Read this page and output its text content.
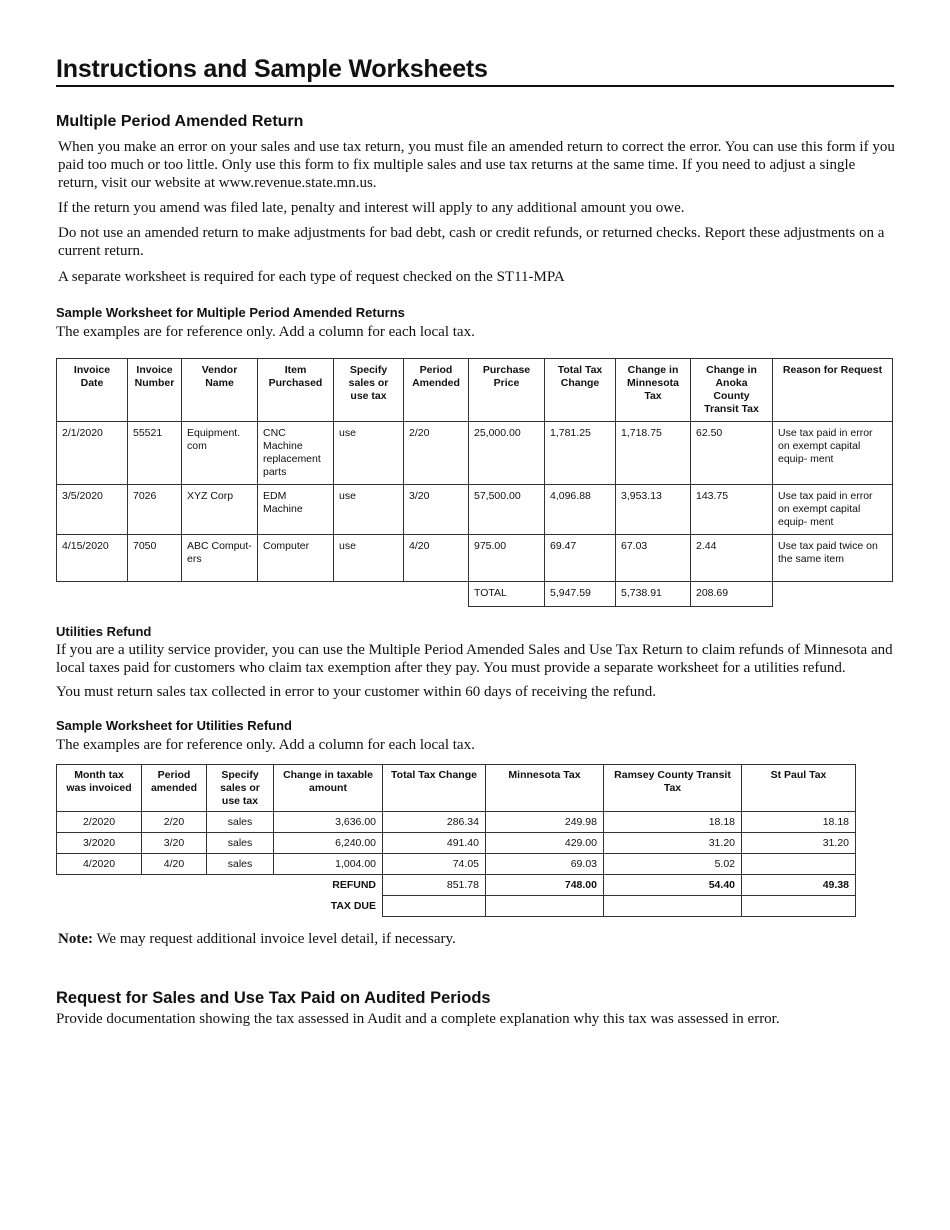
Instructions and Sample Worksheets
Multiple Period Amended Return

When you make an error on your sales and use tax return, you must file an amended return to correct the error. You can use this form if you paid too much or too little. Only use this form to fix multiple sales and use tax returns at the same time. If you need to adjust a single return, visit our website at www.revenue.state.mn.us.

If the return you amend was filed late, penalty and interest will apply to any additional amount you owe.

Do not use an amended return to make adjustments for bad debt, cash or credit refunds, or returned checks. Report these adjustments on a current return.

A separate worksheet is required for each type of request checked on the ST11-MPA

Sample Worksheet for Multiple Period Amended Returns

The examples are for reference only. Add a column for each local tax.

Invoice Date	Invoice Number	Vendor Name	Item Purchased	Specify sales or use tax	Period Amended	Purchase Price	Total Tax Change	Change in Minnesota Tax	Change in Anoka County Transit Tax	Reason for Request
2/1/2020	55521	Equipment. com	CNC Machine replacement parts	use	2/20	25,000.00	1,781.25	1,718.75	62.50	Use tax paid in error on exempt capital equip- ment
3/5/2020	7026	XYZ Corp	EDM Machine	use	3/20	57,500.00	4,096.88	3,953.13	143.75	Use tax paid in error on exempt capital equip- ment
4/15/2020	7050	ABC Comput- ers	Computer	use	4/20	975.00	69.47	67.03	2.44	Use tax paid twice on the same item
						TOTAL	5,947.59	5,738.91	208.69	
Utilities Refund

If you are a utility service provider, you can use the Multiple Period Amended Sales and Use Tax Return to claim refunds of Minnesota and local taxes paid for customers who claim tax exemption after they pay. You must provide a separate worksheet for a utilities refund.

You must return sales tax collected in error to your customer within 60 days of receiving the refund.

Sample Worksheet for Utilities Refund

The examples are for reference only. Add a column for each local tax.

Month tax was invoiced	Period amended	Specify sales or use tax	Change in taxable amount	Total Tax Change	Minnesota Tax	Ramsey County Transit Tax	St Paul Tax
2/2020	2/20	sales	3,636.00	286.34	249.98	18.18	18.18
3/2020	3/20	sales	6,240.00	491.40	429.00	31.20	31.20
4/2020	4/20	sales	1,004.00	74.05	69.03	5.02	
REFUND				851.78	748.00	54.40	49.38
TAX DUE							

Note: We may request additional invoice level detail, if necessary.

Request for Sales and Use Tax Paid on Audited Periods

Provide documentation showing the tax assessed in Audit and a complete explanation why this tax was assessed in error.
